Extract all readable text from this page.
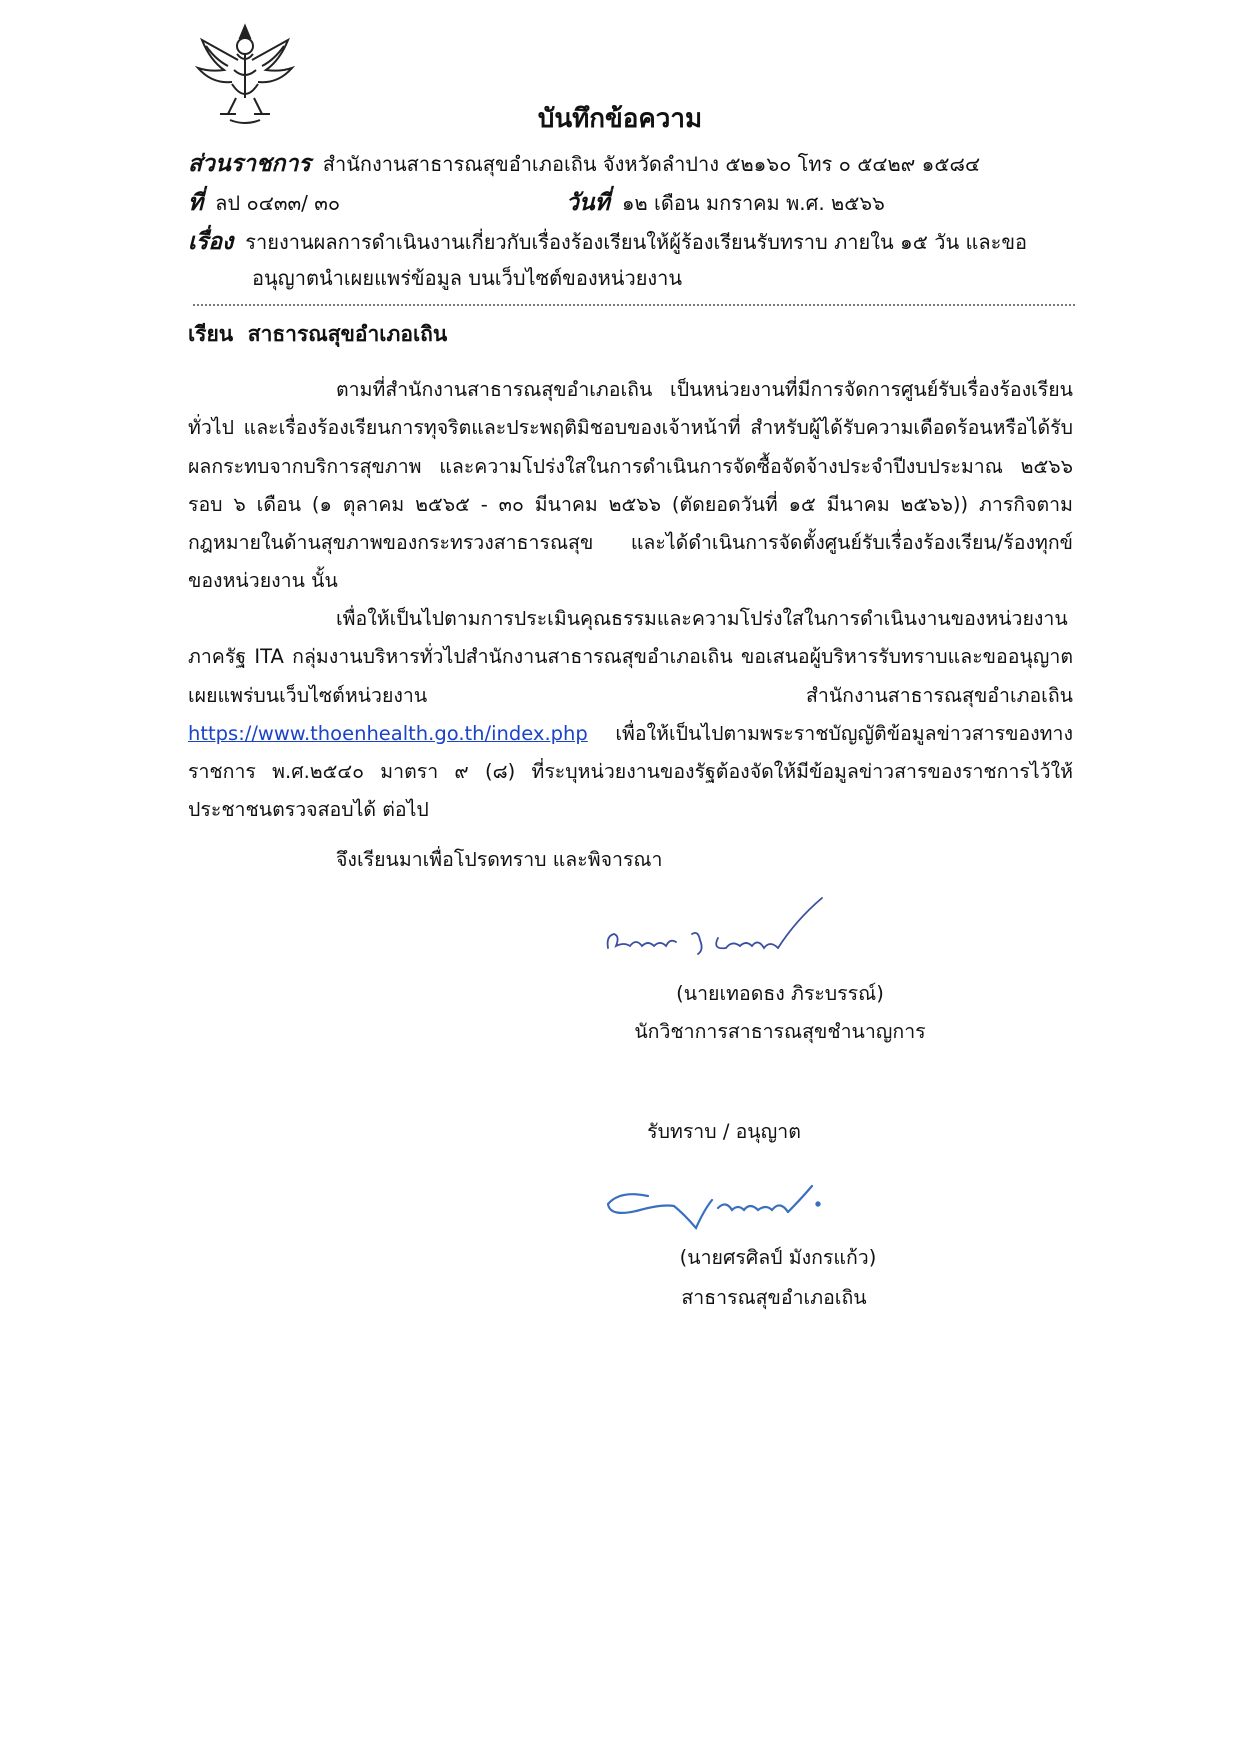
บันทึกข้อความ
ส่วนราชการ สำนักงานสาธารณสุขอำเภอเถิน จังหวัดลำปาง ๕๒๑๖๐ โทร ๐ ๕๔๒๙ ๑๕๘๔
ที่ ลป ๐๔๓๓/ ๓๐	วันที่ ๑๒ เดือน มกราคม พ.ศ. ๒๕๖๖
เรื่อง รายงานผลการดำเนินงานเกี่ยวกับเรื่องร้องเรียนให้ผู้ร้องเรียนรับทราบ ภายใน ๑๕ วัน และขอ
อนุญาตนำเผยแพร่ข้อมูล บนเว็บไซต์ของหน่วยงาน
เรียน สาธารณสุขอำเภอเถิน
ตามที่สำนักงานสาธารณสุขอำเภอเถิน เป็นหน่วยงานที่มีการจัดการศูนย์รับเรื่องร้องเรียนทั่วไป และเรื่องร้องเรียนการทุจริตและประพฤติมิชอบของเจ้าหน้าที่ สำหรับผู้ได้รับความเดือดร้อนหรือได้รับผลกระทบจากบริการสุขภาพ และความโปร่งใสในการดำเนินการจัดซื้อจัดจ้างประจำปีงบประมาณ ๒๕๖๖ รอบ ๖ เดือน (๑ ตุลาคม ๒๕๖๕ - ๓๐ มีนาคม ๒๕๖๖ (ตัดยอดวันที่ ๑๕ มีนาคม ๒๕๖๖)) ภารกิจตามกฎหมายในด้านสุขภาพของกระทรวงสาธารณสุข และได้ดำเนินการจัดตั้งศูนย์รับเรื่องร้องเรียน/ร้องทุกข์ ของหน่วยงาน นั้น
เพื่อให้เป็นไปตามการประเมินคุณธรรมและความโปร่งใสในการดำเนินงานของหน่วยงานภาครัฐ ITA กลุ่มงานบริหารทั่วไปสำนักงานสาธารณสุขอำเภอเถิน ขอเสนอผู้บริหารรับทราบและขออนุญาตเผยแพร่บนเว็บไซต์หน่วยงาน สำนักงานสาธารณสุขอำเภอเถิน https://www.thoenhealth.go.th/index.php เพื่อให้เป็นไปตามพระราชบัญญัติข้อมูลข่าวสารของทางราชการ พ.ศ.๒๕๔๐ มาตรา ๙ (๘) ที่ระบุหน่วยงานของรัฐต้องจัดให้มีข้อมูลข่าวสารของราชการไว้ให้ประชาชนตรวจสอบได้ ต่อไป
จึงเรียนมาเพื่อโปรดทราบ และพิจารณา
(นายเทอดธง ภิระบรรณ์)
นักวิชาการสาธารณสุขชำนาญการ
รับทราบ / อนุญาต
(นายศรศิลป์ มังกรแก้ว)
สาธารณสุขอำเภอเถิน
